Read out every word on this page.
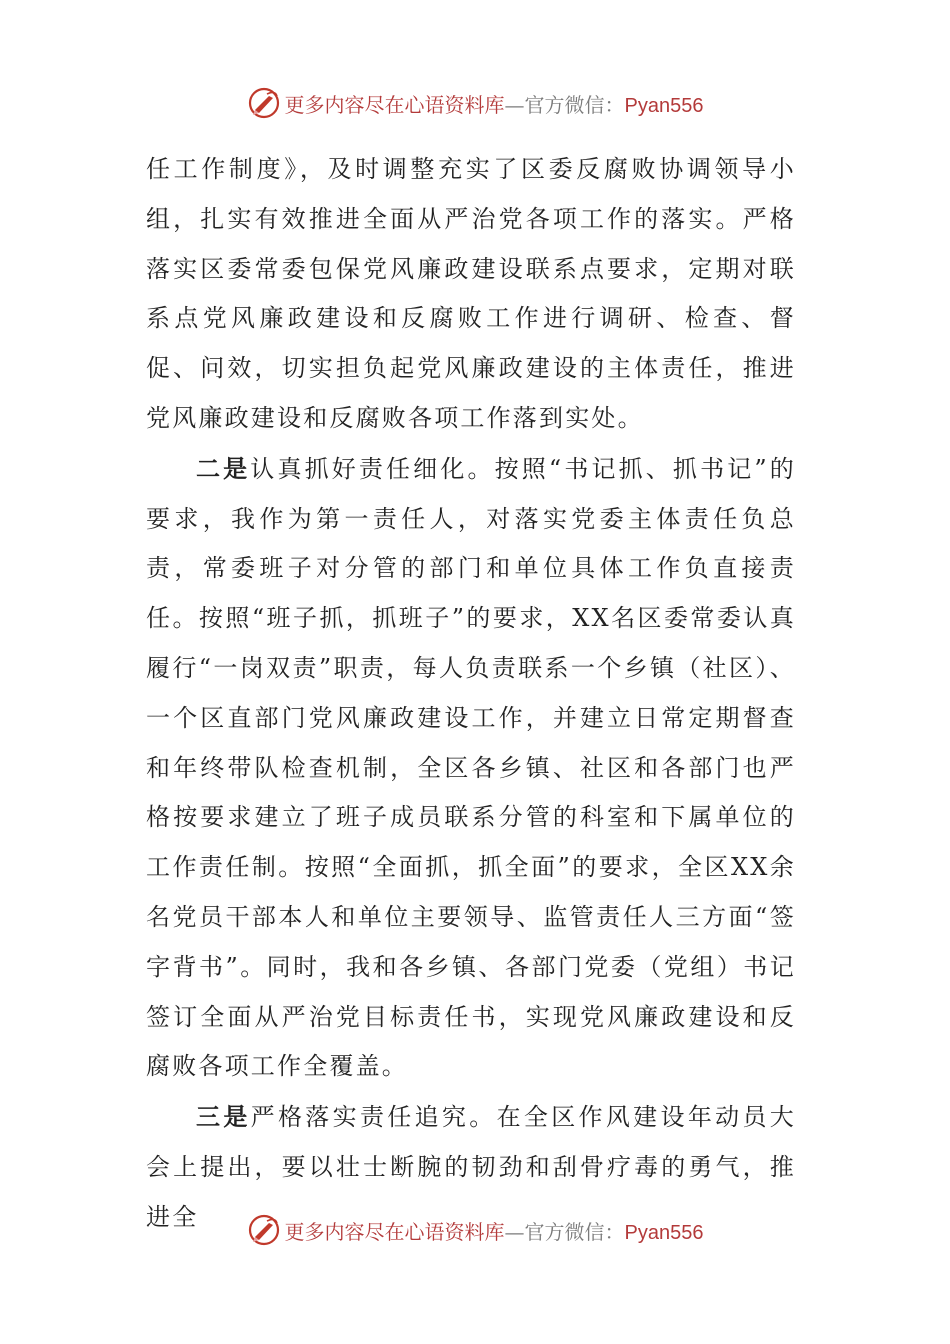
更多内容尽在心语资料库—官方微信：Pyan556

任工作制度》，及时调整充实了区委反腐败协调领导小组，扎实有效推进全面从严治党各项工作的落实。严格落实区委常委包保党风廉政建设联系点要求，定期对联系点党风廉政建设和反腐败工作进行调研、检查、督促、问效，切实担负起党风廉政建设的主体责任，推进党风廉政建设和反腐败各项工作落到实处。

二是认真抓好责任细化。按照“书记抓、抓书记”的要求，我作为第一责任人，对落实党委主体责任负总责，常委班子对分管的部门和单位具体工作负直接责任。按照“班子抓，抓班子”的要求，XX名区委常委认真履行“一岗双责”职责，每人负责联系一个乡镇（社区）、一个区直部门党风廉政建设工作，并建立日常定期督查和年终带队检查机制，全区各乡镇、社区和各部门也严格按要求建立了班子成员联系分管的科室和下属单位的工作责任制。按照“全面抓，抓全面”的要求，全区XX余名党员干部本人和单位主要领导、监管责任人三方面“签字背书”。同时，我和各乡镇、各部门党委（党组）书记签订全面从严治党目标责任书，实现党风廉政建设和反腐败各项工作全覆盖。

三是严格落实责任追究。在全区作风建设年动员大会上提出，要以壮士断腕的韧劲和刮骨疗毒的勇气，推进全

更多内容尽在心语资料库—官方微信：Pyan556
